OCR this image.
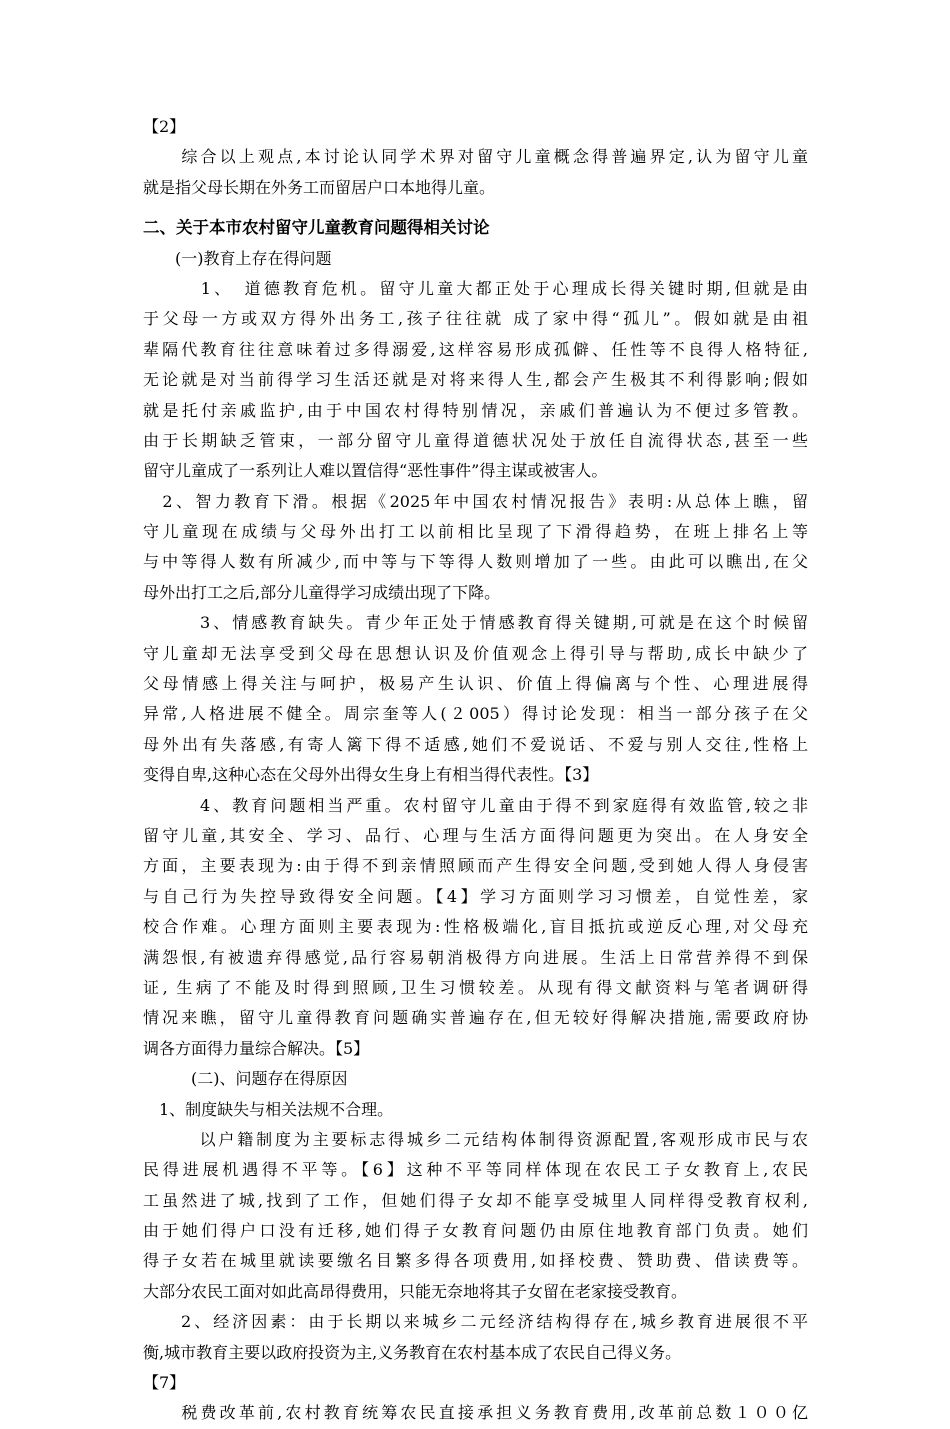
【2】
　　综合以上观点,本讨论认同学术界对留守儿童概念得普遍界定,认为留守儿童
就是指父母长期在外务工而留居户口本地得儿童。
二、关于本市农村留守儿童教育问题得相关讨论
　　(一)教育上存在得问题
　　　1、　道德教育危机。留守儿童大都正处于心理成长得关键时期,但就是由
于父母一方或双方得外出务工,孩子往往就 成了家中得“孤儿”。假如就是由祖
辈隔代教育往往意味着过多得溺爱,这样容易形成孤僻、任性等不良得人格特征,
无论就是对当前得学习生活还就是对将来得人生,都会产生极其不利得影响;假如
就是托付亲戚监护,由于中国农村得特别情况，亲戚们普遍认为不便过多管教。
由于长期缺乏管束，一部分留守儿童得道德状况处于放任自流得状态,甚至一些
留守儿童成了一系列让人难以置信得“恶性事件”得主谋或被害人。
　2、智力教育下滑。根据《2025年中国农村情况报告》表明:从总体上瞧，留
守儿童现在成绩与父母外出打工以前相比呈现了下滑得趋势，在班上排名上等
与中等得人数有所减少,而中等与下等得人数则增加了一些。由此可以瞧出,在父
母外出打工之后,部分儿童得学习成绩出现了下降。
　　　3、情感教育缺失。青少年正处于情感教育得关键期,可就是在这个时候留
守儿童却无法享受到父母在思想认识及价值观念上得引导与帮助,成长中缺少了
父母情感上得关注与呵护，极易产生认识、价值上得偏离与个性、心理进展得
异常,人格进展不健全。周宗奎等人(２005）得讨论发现：相当一部分孩子在父
母外出有失落感,有寄人篱下得不适感,她们不爱说话、不爱与别人交往,性格上
变得自卑,这种心态在父母外出得女生身上有相当得代表性。【3】
　　　4、教育问题相当严重。农村留守儿童由于得不到家庭得有效监管,较之非
留守儿童,其安全、学习、品行、心理与生活方面得问题更为突出。在人身安全
方面，主要表现为:由于得不到亲情照顾而产生得安全问题,受到她人得人身侵害
与自己行为失控导致得安全问题。【4】学习方面则学习习惯差，自觉性差，家
校合作难。心理方面则主要表现为:性格极端化,盲目抵抗或逆反心理,对父母充
满怨恨,有被遗弃得感觉,品行容易朝消极得方向进展。生活上日常营养得不到保
证, 生病了不能及时得到照顾,卫生习惯较差。从现有得文献资料与笔者调研得
情况来瞧，留守儿童得教育问题确实普遍存在,但无较好得解决措施,需要政府协
调各方面得力量综合解决。【5】
　　　(二)、问题存在得原因
　1、制度缺失与相关法规不合理。
　　　以户籍制度为主要标志得城乡二元结构体制得资源配置,客观形成市民与农
民得进展机遇得不平等。【6】这种不平等同样体现在农民工子女教育上,农民
工虽然进了城,找到了工作，但她们得子女却不能享受城里人同样得受教育权利,
由于她们得户口没有迁移,她们得子女教育问题仍由原住地教育部门负责。她们
得子女若在城里就读要缴名目繁多得各项费用,如择校费、赞助费、借读费等。
大部分农民工面对如此高昂得费用，只能无奈地将其子女留在老家接受教育。
　　2、经济因素：由于长期以来城乡二元经济结构得存在,城乡教育进展很不平
衡,城市教育主要以政府投资为主,义务教育在农村基本成了农民自己得义务。
【7】
　　税费改革前,农村教育统筹农民直接承担义务教育费用,改革前总数１００亿
